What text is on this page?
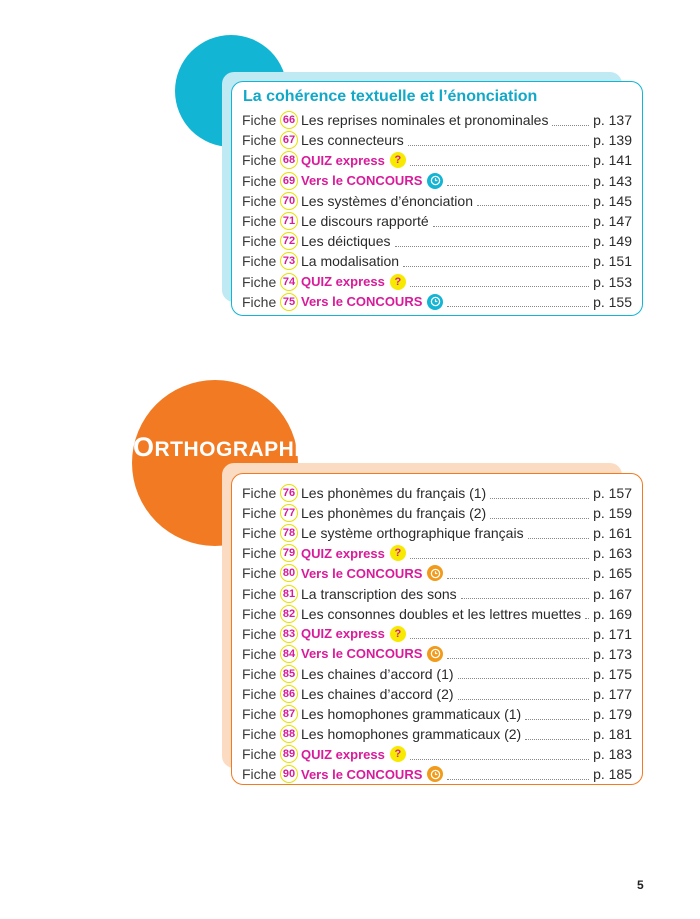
La cohérence textuelle et l’énonciation
Fiche 66 Les reprises nominales et pronominales	p. 137
Fiche 67 Les connecteurs	p. 139
Fiche 68 QUIZ express ?	p. 141
Fiche 69 Vers le CONCOURS	p. 143
Fiche 70 Les systèmes d’énonciation	p. 145
Fiche 71 Le discours rapporté	p. 147
Fiche 72 Les déictiques	p. 149
Fiche 73 La modalisation	p. 151
Fiche 74 QUIZ express ?	p. 153
Fiche 75 Vers le CONCOURS	p. 155
ORTHOGRAPHE
Fiche 76 Les phonèmes du français (1)	p. 157
Fiche 77 Les phonèmes du français (2)	p. 159
Fiche 78 Le système orthographique français	p. 161
Fiche 79 QUIZ express ?	p. 163
Fiche 80 Vers le CONCOURS	p. 165
Fiche 81 La transcription des sons	p. 167
Fiche 82 Les consonnes doubles et les lettres muettes p. 169
Fiche 83 QUIZ express ?	p. 171
Fiche 84 Vers le CONCOURS	p. 173
Fiche 85 Les chaines d’accord (1)	p. 175
Fiche 86 Les chaines d’accord (2)	p. 177
Fiche 87 Les homophones grammaticaux (1)	p. 179
Fiche 88 Les homophones grammaticaux (2)	p. 181
Fiche 89 QUIZ express ?	p. 183
Fiche 90 Vers le CONCOURS	p. 185
5
